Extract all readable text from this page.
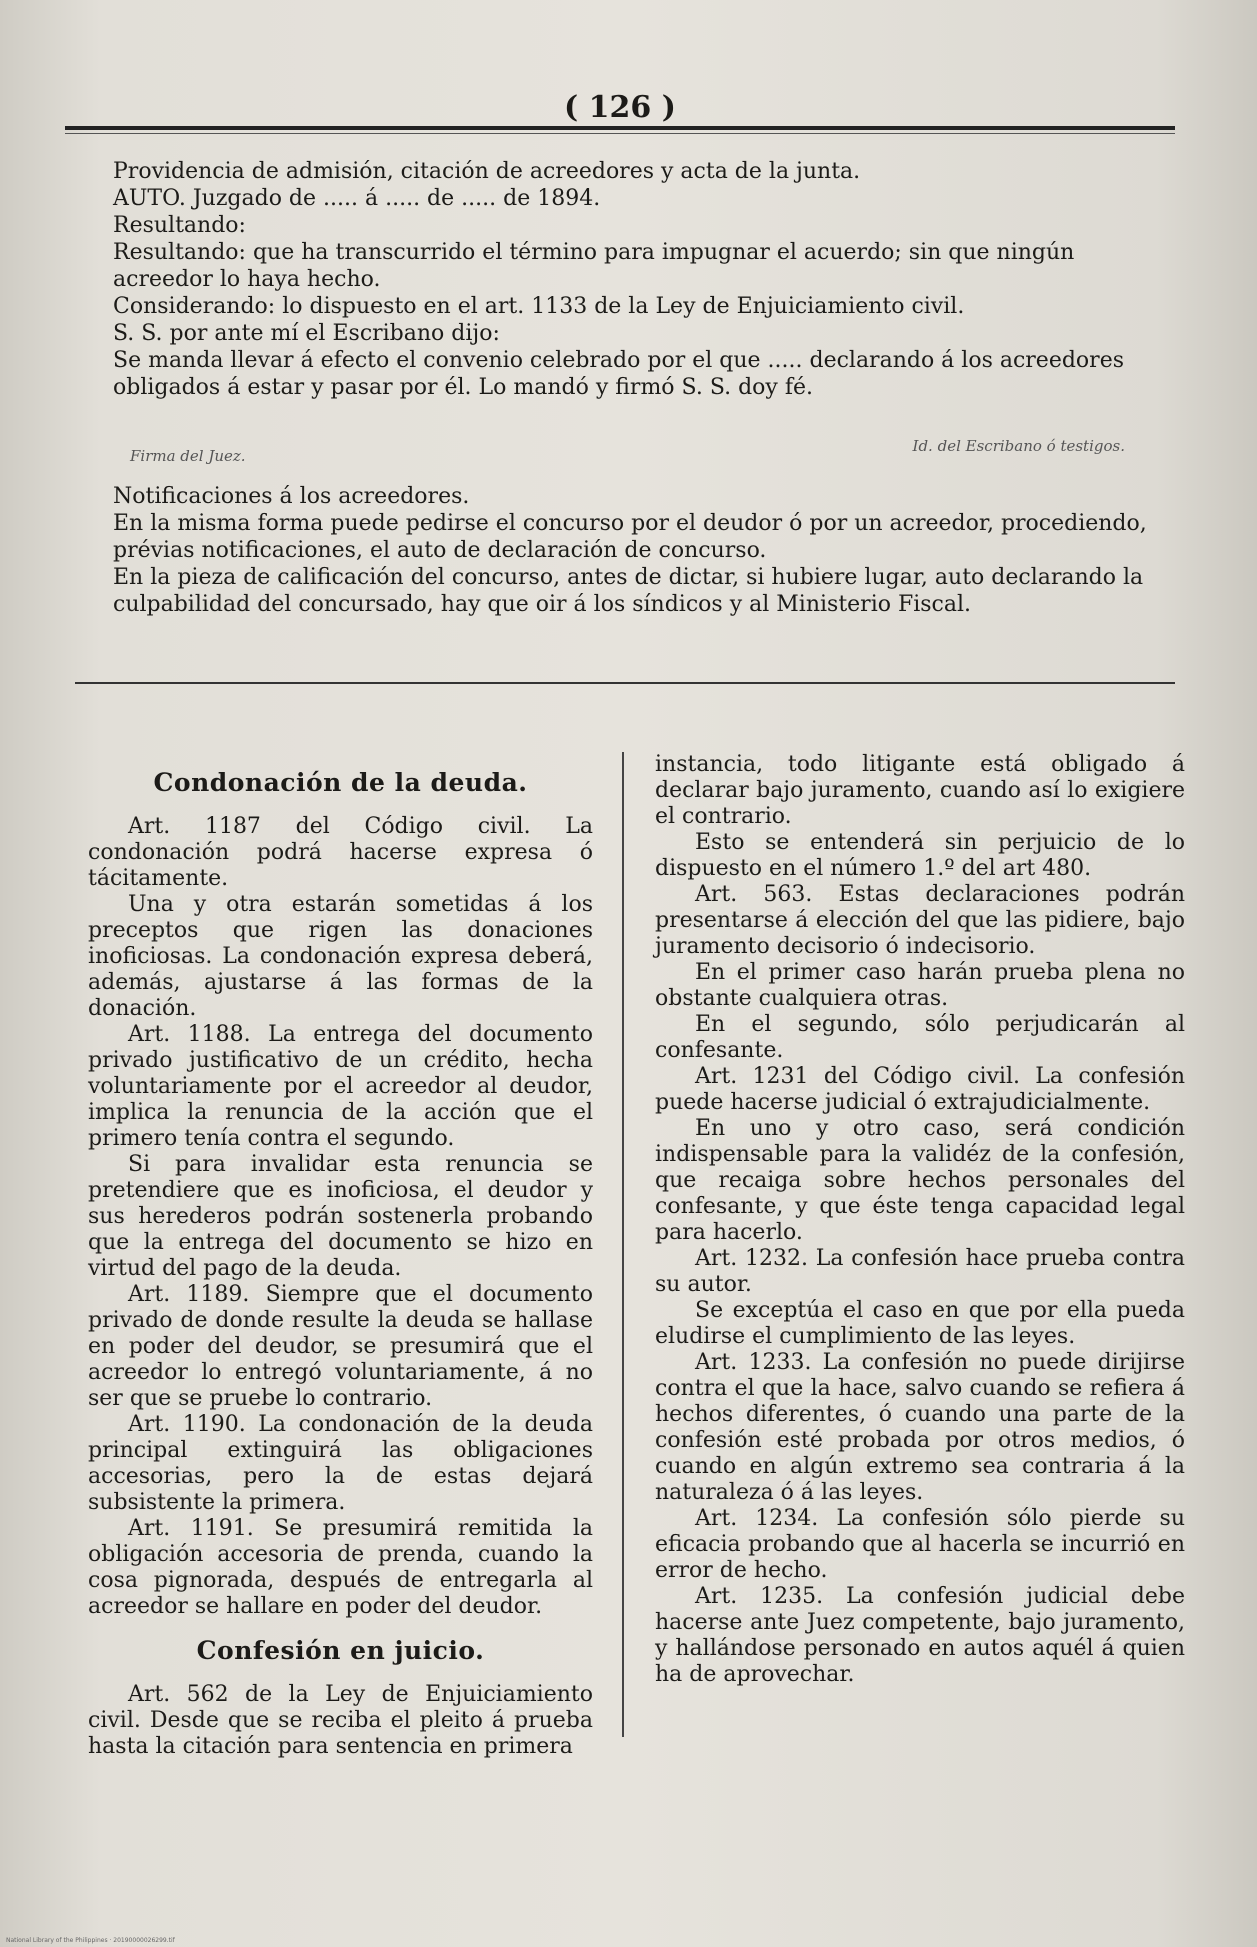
( 126 )

Providencia de admisión, citación de acreedores y acta de la junta.

AUTO. Juzgado de ..... á ..... de ..... de 1894.

Resultando:

Resultando: que ha transcurrido el término para impugnar el acuerdo; sin que ningún acreedor lo haya hecho.

Considerando: lo dispuesto en el art. 1133 de la Ley de Enjuiciamiento civil.

S. S. por ante mí el Escribano dijo:

Se manda llevar á efecto el convenio celebrado por el que ..... declarando á los acreedores obligados á estar y pasar por él. Lo mandó y firmó S. S. doy fé.

Firma del Juez.
Id. del Escribano ó testigos.

Notificaciones á los acreedores.

En la misma forma puede pedirse el concurso por el deudor ó por un acreedor, procediendo, prévias notificaciones, el auto de declaración de concurso.

En la pieza de calificación del concurso, antes de dictar, si hubiere lugar, auto declarando la culpabilidad del concursado, hay que oir á los síndicos y al Ministerio Fiscal.

Condonación de la deuda.

Art. 1187 del Código civil. La condonación podrá hacerse expresa ó tácitamente.

Una y otra estarán sometidas á los preceptos que rigen las donaciones inoficiosas. La condonación expresa deberá, además, ajustarse á las formas de la donación.

Art. 1188. La entrega del documento privado justificativo de un crédito, hecha voluntariamente por el acreedor al deudor, implica la renuncia de la acción que el primero tenía contra el segundo.

Si para invalidar esta renuncia se pretendiere que es inoficiosa, el deudor y sus herederos podrán sostenerla probando que la entrega del documento se hizo en virtud del pago de la deuda.

Art. 1189. Siempre que el documento privado de donde resulte la deuda se hallase en poder del deudor, se presumirá que el acreedor lo entregó voluntariamente, á no ser que se pruebe lo contrario.

Art. 1190. La condonación de la deuda principal extinguirá las obligaciones accesorias, pero la de estas dejará subsistente la primera.

Art. 1191. Se presumirá remitida la obligación accesoria de prenda, cuando la cosa pignorada, después de entregarla al acreedor se hallare en poder del deudor.

Confesión en juicio.

Art. 562 de la Ley de Enjuiciamiento civil. Desde que se reciba el pleito á prueba hasta la citación para sentencia en primera

instancia, todo litigante está obligado á declarar bajo juramento, cuando así lo exigiere el contrario.

Esto se entenderá sin perjuicio de lo dispuesto en el número 1.º del art 480.

Art. 563. Estas declaraciones podrán presentarse á elección del que las pidiere, bajo juramento decisorio ó indecisorio.

En el primer caso harán prueba plena no obstante cualquiera otras.

En el segundo, sólo perjudicarán al confesante.

Art. 1231 del Código civil. La confesión puede hacerse judicial ó extrajudicialmente.

En uno y otro caso, será condición indispensable para la validéz de la confesión, que recaiga sobre hechos personales del confesante, y que éste tenga capacidad legal para hacerlo.

Art. 1232. La confesión hace prueba contra su autor.

Se exceptúa el caso en que por ella pueda eludirse el cumplimiento de las leyes.

Art. 1233. La confesión no puede dirijirse contra el que la hace, salvo cuando se refiera á hechos diferentes, ó cuando una parte de la confesión esté probada por otros medios, ó cuando en algún extremo sea contraria á la naturaleza ó á las leyes.

Art. 1234. La confesión sólo pierde su eficacia probando que al hacerla se incurrió en error de hecho.

Art. 1235. La confesión judicial debe hacerse ante Juez competente, bajo juramento, y hallándose personado en autos aquél á quien ha de aprovechar.

National Library of the Philippines · 20190000026299.tif
